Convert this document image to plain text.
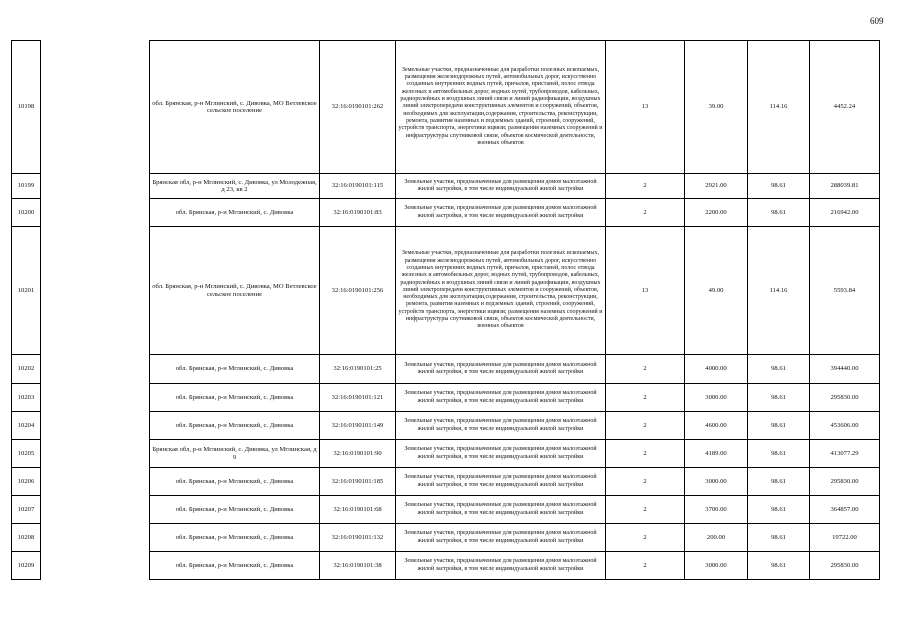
609
10198		обл. Брянская, р-н Мглинский, с. Дивовка, МО Ветлевское сельское поселение	32:16:0190101:262	Земельные участки, предназначенные для разработки полезных ископаемых, размещения железнодорожных путей, автомобильных дорог, искусственно созданных внутренних водных путей, причалов, пристаней, полос отвода железных и автомобильных дорог, водных путей, трубопроводов, кабельных, радиорелейных и воздушных линий связи и линий радиофикации, воздушных линий электропередачи конструктивных элементов и сооружений, объектов, необходимых для эксплуатации,содержания, строительства, реконструкции, ремонта, развития наземных и подземных зданий, строений, сооружений, устройств транспорта, энергетики ицвязи; размещения наземных сооружений и инфраструктуры спутниковой связи, объектов космической деятельности, военных объектов	13	39.00	114.16	4452.24
10199		Брянская обл, р-н Мглинский, с. Дивовка, ул Молодежная, д 23, кв 2	32:16:0190101:115	Земельные участки, предназначенные для размещения домов малоэтажной жилой застройки, в том числе индивидуальной жилой застройки	2	2921.00	98.61	288039.81
10200		обл. Брянская, р-н Мглинский, с. Дивовка	32:16:0190101:83	Земельные участки, предназначенные для размещения домов малоэтажной жилой застройки, в том числе индивидуальной жилой застройки	2	2200.00	98.61	216942.00
10201		обл. Брянская, р-н Мглинский, с. Дивовка, МО Ветлевское сельское поселение	32:16:0190101:256	Земельные участки, предназначенные для разработки полезных ископаемых, размещения железнодорожных путей, автомобильных дорог, искусственно созданных внутренних водных путей, причалов, пристаней, полос отвода железных и автомобильных дорог, водных путей, трубопроводов, кабельных, радиорелейных и воздушных линий связи и линий радиофикации, воздушных линий электропередачи конструктивных элементов и сооружений, объектов, необходимых для эксплуатации,содержания, строительства, реконструкции, ремонта, развития наземных и подземных зданий, строений, сооружений, устройств транспорта, энергетики ицвязи; размещения наземных сооружений и инфраструктуры спутниковой связи, объектов космической деятельности, военных объектов	13	49.00	114.16	5593.84
10202		обл. Брянская, р-н Мглинский, с. Дивовка	32:16:0190101:25	Земельные участки, предназначенные для размещения домов малоэтажной жилой застройки, в том числе индивидуальной жилой застройки	2	4000.00	98.61	394440.00
10203		обл. Брянская, р-н Мглинский, с. Дивовка	32:16:0190101:121	Земельные участки, предназначенные для размещения домов малоэтажной жилой застройки, в том числе индивидуальной жилой застройки	2	3000.00	98.61	295830.00
10204		обл. Брянская, р-н Мглинский, с. Дивовка	32:16:0190101:149	Земельные участки, предназначенные для размещения домов малоэтажной жилой застройки, в том числе индивидуальной жилой застройки	2	4600.00	98.61	453606.00
10205		Брянская обл, р-н Мглинский, с. Дивовка, ул Мглинская, д 9	32:16:0190101:90	Земельные участки, предназначенные для размещения домов малоэтажной жилой застройки, в том числе индивидуальной жилой застройки	2	4189.00	98.61	413077.29
10206		обл. Брянская, р-н Мглинский, с. Дивовка	32:16:0190101:185	Земельные участки, предназначенные для размещения домов малоэтажной жилой застройки, в том числе индивидуальной жилой застройки	2	3000.00	98.61	295830.00
10207		обл. Брянская, р-н Мглинский, с. Дивовка	32:16:0190101:68	Земельные участки, предназначенные для размещения домов малоэтажной жилой застройки, в том числе индивидуальной жилой застройки	2	3700.00	98.61	364857.00
10208		обл. Брянская, р-н Мглинский, с. Дивовка	32:16:0190101:132	Земельные участки, предназначенные для размещения домов малоэтажной жилой застройки, в том числе индивидуальной жилой застройки	2	200.00	98.61	19722.00
10209		обл. Брянская, р-н Мглинский, с. Дивовка	32:16:0190101:38	Земельные участки, предназначенные для размещения домов малоэтажной жилой застройки, в том числе индивидуальной жилой застройки	2	3000.00	98.61	295830.00
